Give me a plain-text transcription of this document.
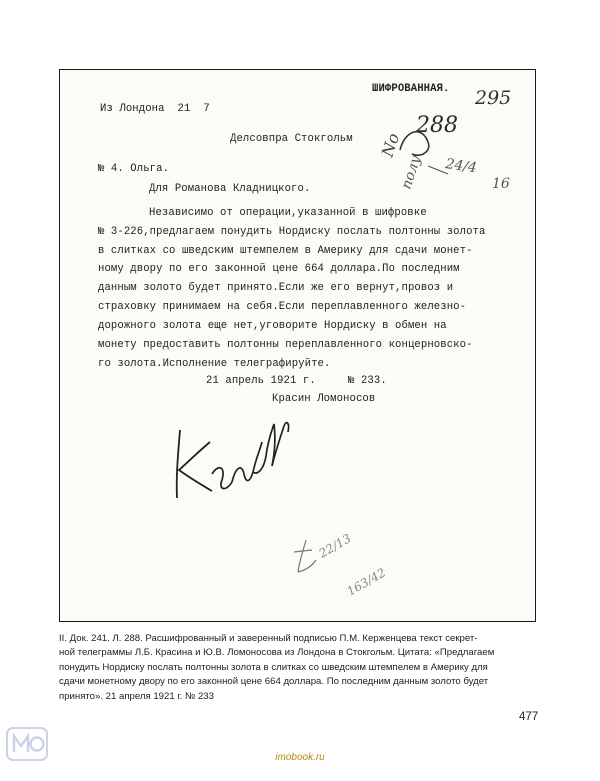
295
No
288
полу 24/4
16
22/13
163/42
ШИФРОВАННАЯ.
Из Лондона  21  7
Делсовпра Стокгольм
№ 4. Ольга.
Для Романова Кладницкого.
Независимо от операции,указанной в шифровке
№ 3-226,предлагаем понудить Нордиску послать полтонны золота
в слитках со шведским штемпелем в Америку для сдачи монет-
ному двору по его законной цене 664 доллара.По последним
данным золото будет принято.Если же его вернут,провоз и
страховку принимаем на себя.Если переплавленного железно-
дорожного золота еще нет,уговорите Нордиску в обмен на
монету предоставить полтонны переплавленного концерновско-
го золота.Исполнение телеграфируйте.
21 апрель 1921 г.     № 233.
Красин Ломоносов
II. Док. 241. Л. 288. Расшифрованный и заверенный подписью П.М. Керженцева текст секрет-
ной телеграммы Л.Б. Красина и Ю.В. Ломоносова из Лондона в Стокгольм. Цитата: «Предлагаем
понудить Нордиску послать полтонны золота в слитках со шведским штемпелем в Америку для
сдачи монетному двору по его законной цене 664 доллара. По последним данным золото будет
принято». 21 апреля 1921 г. № 233
477
imobook.ru
